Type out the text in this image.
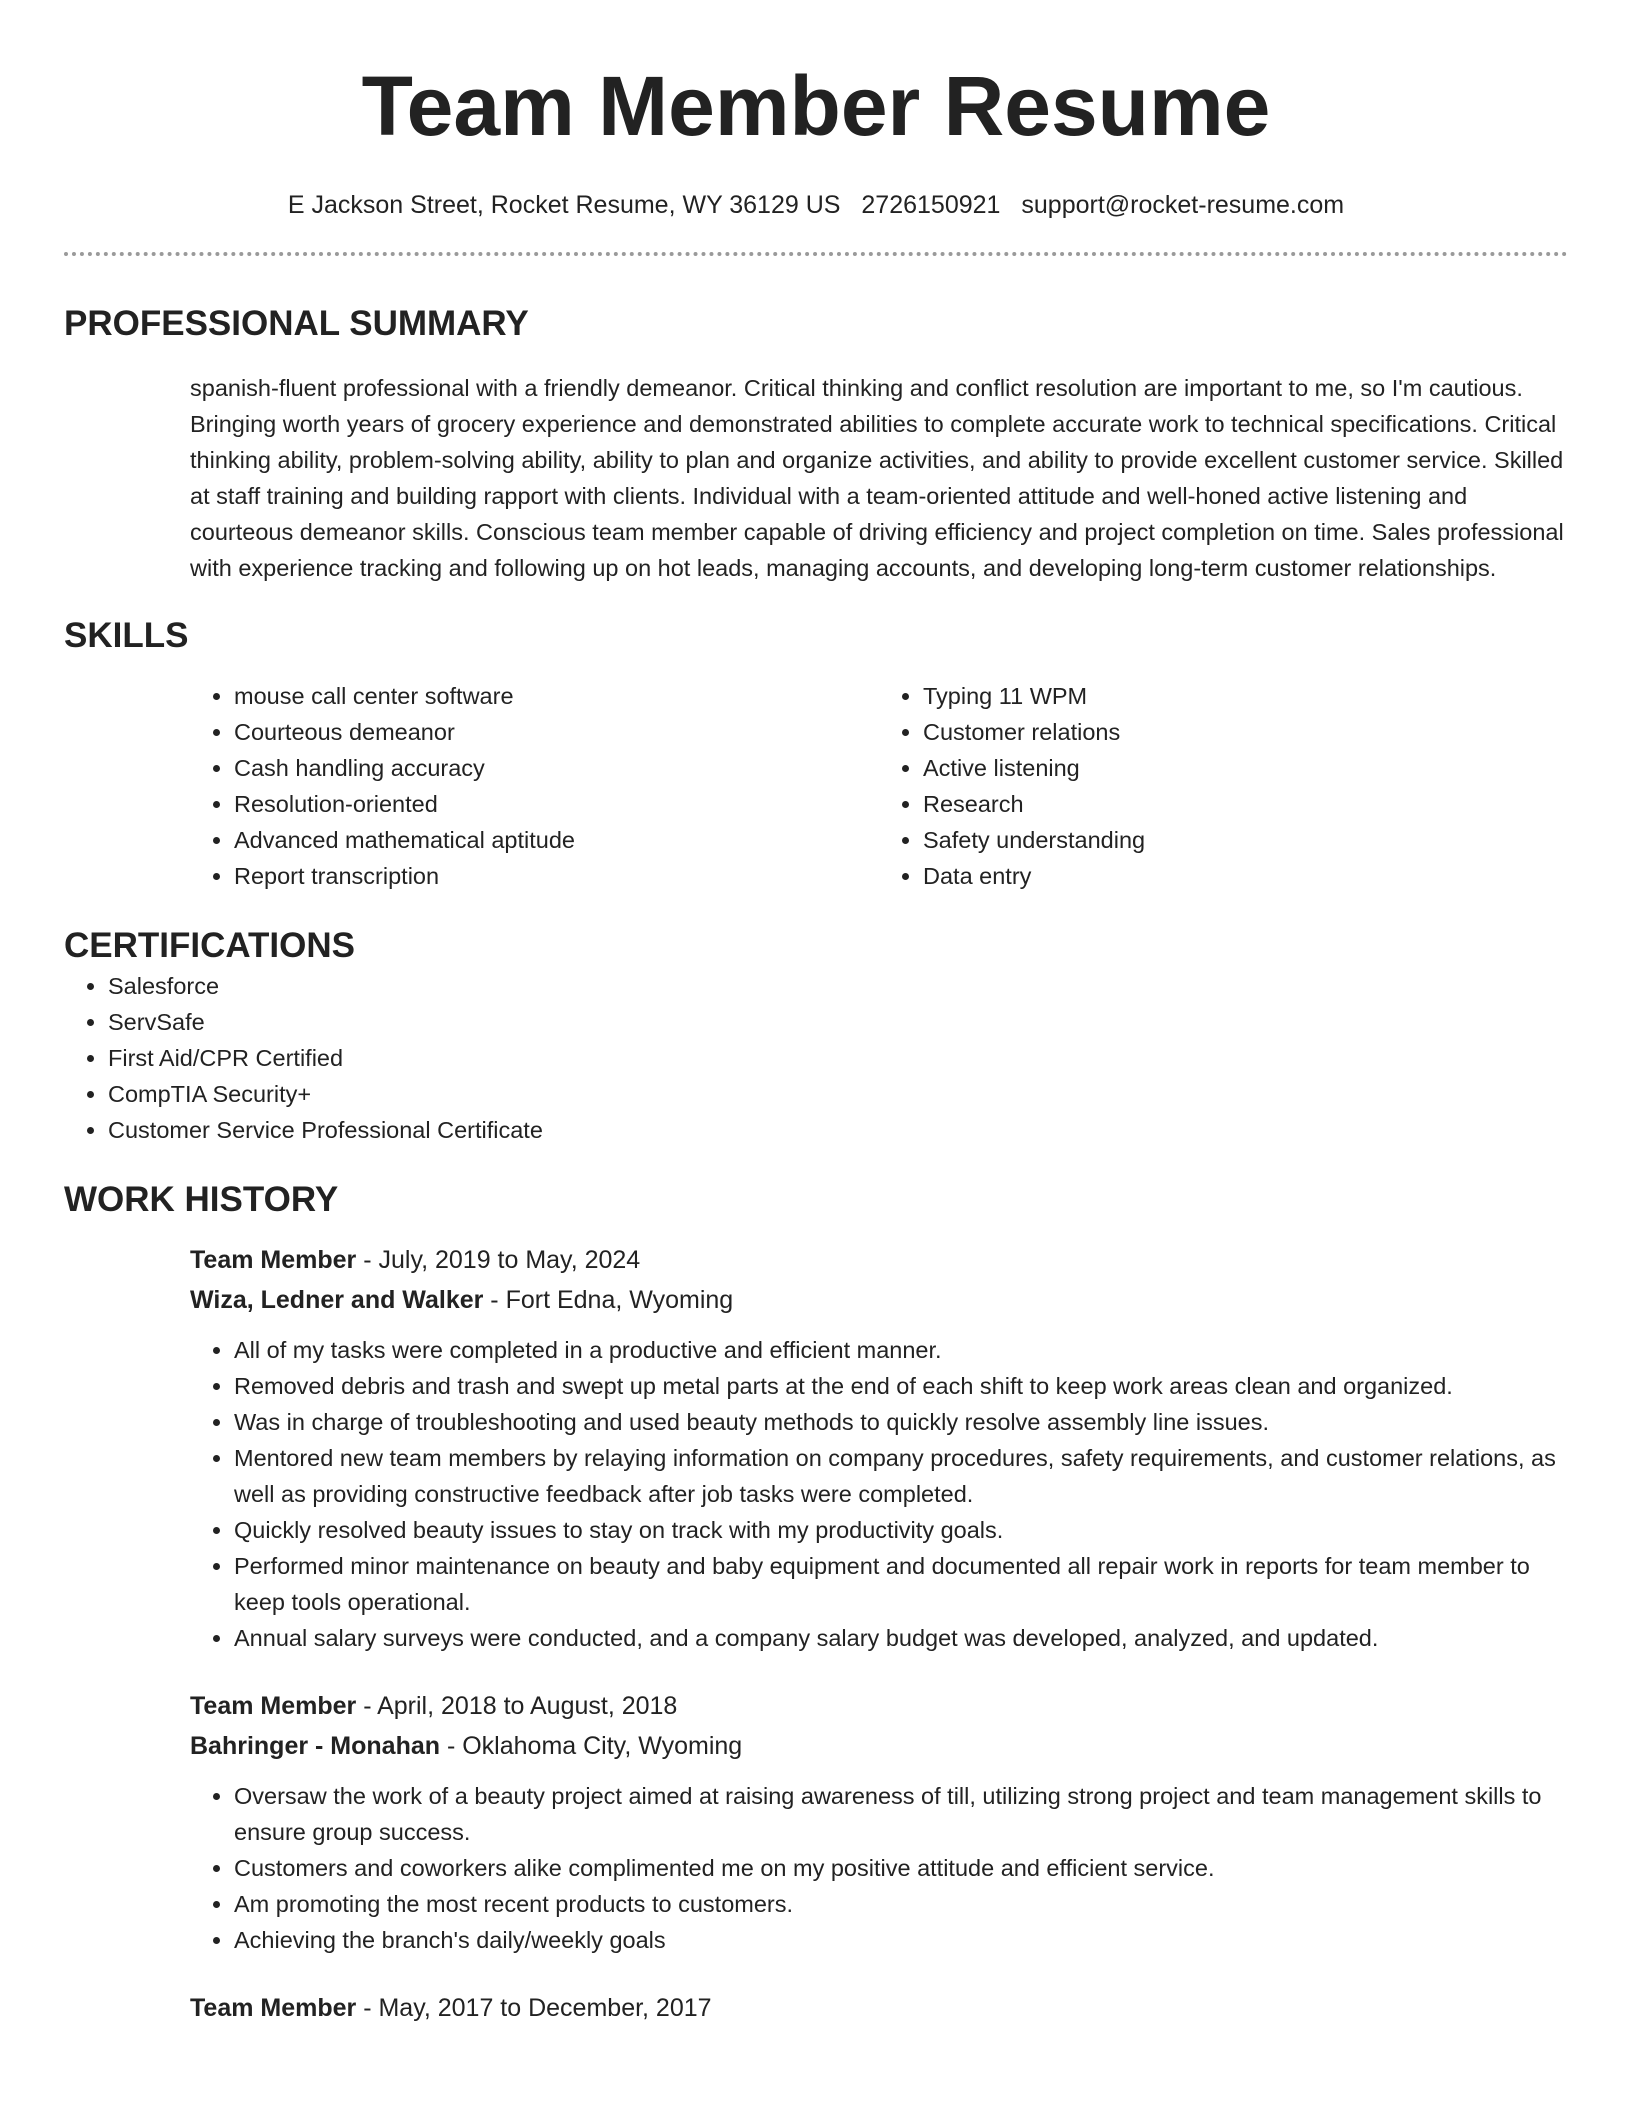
Team Member Resume
E Jackson Street, Rocket Resume, WY 36129 US 2726150921 support@rocket-resume.com
PROFESSIONAL SUMMARY

spanish-fluent professional with a friendly demeanor. Critical thinking and conflict resolution are important to me, so I'm cautious. Bringing worth years of grocery experience and demonstrated abilities to complete accurate work to technical specifications. Critical thinking ability, problem-solving ability, ability to plan and organize activities, and ability to provide excellent customer service. Skilled at staff training and building rapport with clients. Individual with a team-oriented attitude and well-honed active listening and courteous demeanor skills. Conscious team member capable of driving efficiency and project completion on time. Sales professional with experience tracking and following up on hot leads, managing accounts, and developing long-term customer relationships.

SKILLS
• mouse call center software
• Courteous demeanor
• Cash handling accuracy
• Resolution-oriented
• Advanced mathematical aptitude
• Report transcription
• Typing 11 WPM
• Customer relations
• Active listening
• Research
• Safety understanding
• Data entry
CERTIFICATIONS
• Salesforce
• ServSafe
• First Aid/CPR Certified
• CompTIA Security+
• Customer Service Professional Certificate
WORK HISTORY
Team Member - July, 2019 to May, 2024
Wiza, Ledner and Walker - Fort Edna, Wyoming
• All of my tasks were completed in a productive and efficient manner.
• Removed debris and trash and swept up metal parts at the end of each shift to keep work areas clean and organized.
• Was in charge of troubleshooting and used beauty methods to quickly resolve assembly line issues.
• Mentored new team members by relaying information on company procedures, safety requirements, and customer relations, as well as providing constructive feedback after job tasks were completed.
• Quickly resolved beauty issues to stay on track with my productivity goals.
• Performed minor maintenance on beauty and baby equipment and documented all repair work in reports for team member to keep tools operational.
• Annual salary surveys were conducted, and a company salary budget was developed, analyzed, and updated.
Team Member - April, 2018 to August, 2018
Bahringer - Monahan - Oklahoma City, Wyoming
• Oversaw the work of a beauty project aimed at raising awareness of till, utilizing strong project and team management skills to ensure group success.
• Customers and coworkers alike complimented me on my positive attitude and efficient service.
• Am promoting the most recent products to customers.
• Achieving the branch's daily/weekly goals
Team Member - May, 2017 to December, 2017
